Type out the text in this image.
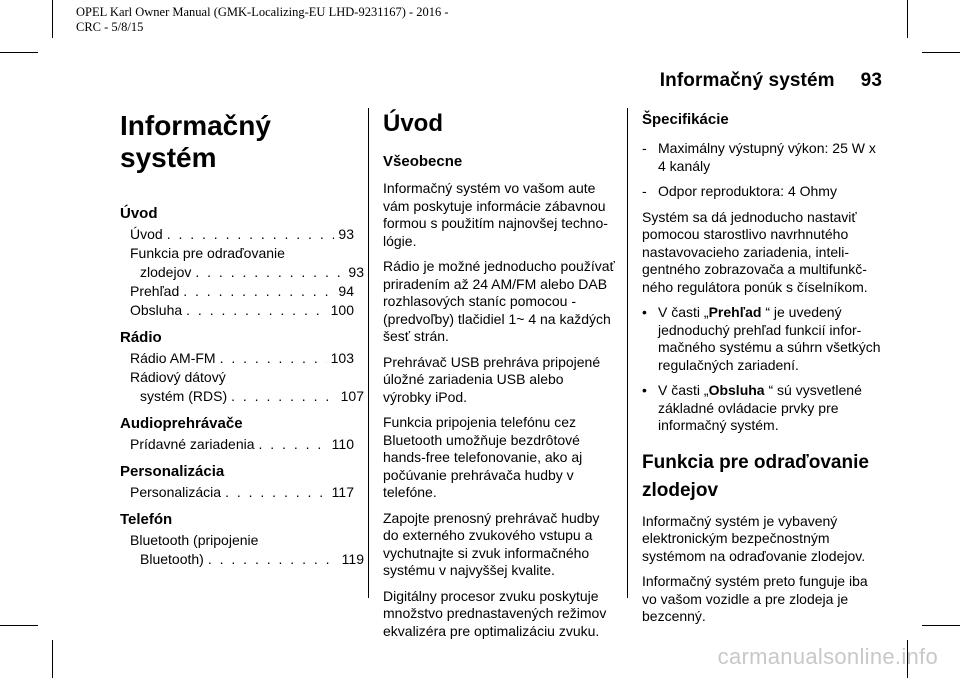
OPEL Karl Owner Manual (GMK-Localizing-EU LHD-9231167) - 2016 -
CRC - 5/8/15
Informačný systém 93
Informačný systém
Úvod
Úvod . . .	93
Funkcia pre odraďovanie
zlodejov . . .	93
Prehľad . . .	94
Obsluha . . .	100
Rádio
Rádio AM-FM . . .	103
Rádiový dátový
systém (RDS) . . .	107
Audioprehrávače
Prídavné zariadenia . . .	110
Personalizácia
Personalizácia . . .	117
Telefón
Bluetooth (pripojenie
Bluetooth) . . .	119
Úvod
Všeobecne

Informačný systém vo vašom aute vám poskytuje informácie zábavnou formou s použitím najnovšej techno-lógie.

Rádio je možné jednoducho používať priradením až 24 AM/FM alebo DAB rozhlasových staníc pomocou - (predvoľby) tlačidiel 1~ 4 na každých šesť strán.

Prehrávač USB prehráva pripojené úložné zariadenia USB alebo výrobky iPod.

Funkcia pripojenia telefónu cez Bluetooth umožňuje bezdrôtové hands-free telefonovanie, ako aj počúvanie prehrávača hudby v telefóne.

Zapojte prenosný prehrávač hudby do externého zvukového vstupu a vychutnajte si zvuk informačného systému v najvyššej kvalite.

Digitálny procesor zvuku poskytuje množstvo prednastavených režimov ekvalizéra pre optimalizáciu zvuku.

Špecifikácie
- Maximálny výstupný výkon: 25 W x 4 kanály
- Odpor reproduktora: 4 Ohmy

Systém sa dá jednoducho nastaviť pomocou starostlivo navrhnutého nastavovacieho zariadenia, inteli-gentného zobrazovača a multifunkč-ného regulátora ponúk s číselníkom.

• V časti „Prehľad “ je uvedený jednoduchý prehľad funkcií infor-mačného systému a súhrn všetkých regulačných zariadení.
• V časti „Obsluha “ sú vysvetlené základné ovládacie prvky pre informačný systém.
Funkcia pre odraďovanie zlodejov

Informačný systém je vybavený elektronickým bezpečnostným systémom na odraďovanie zlodejov.

Informačný systém preto funguje iba vo vašom vozidle a pre zlodeja je bezcenný.

carmanualsonline.info
